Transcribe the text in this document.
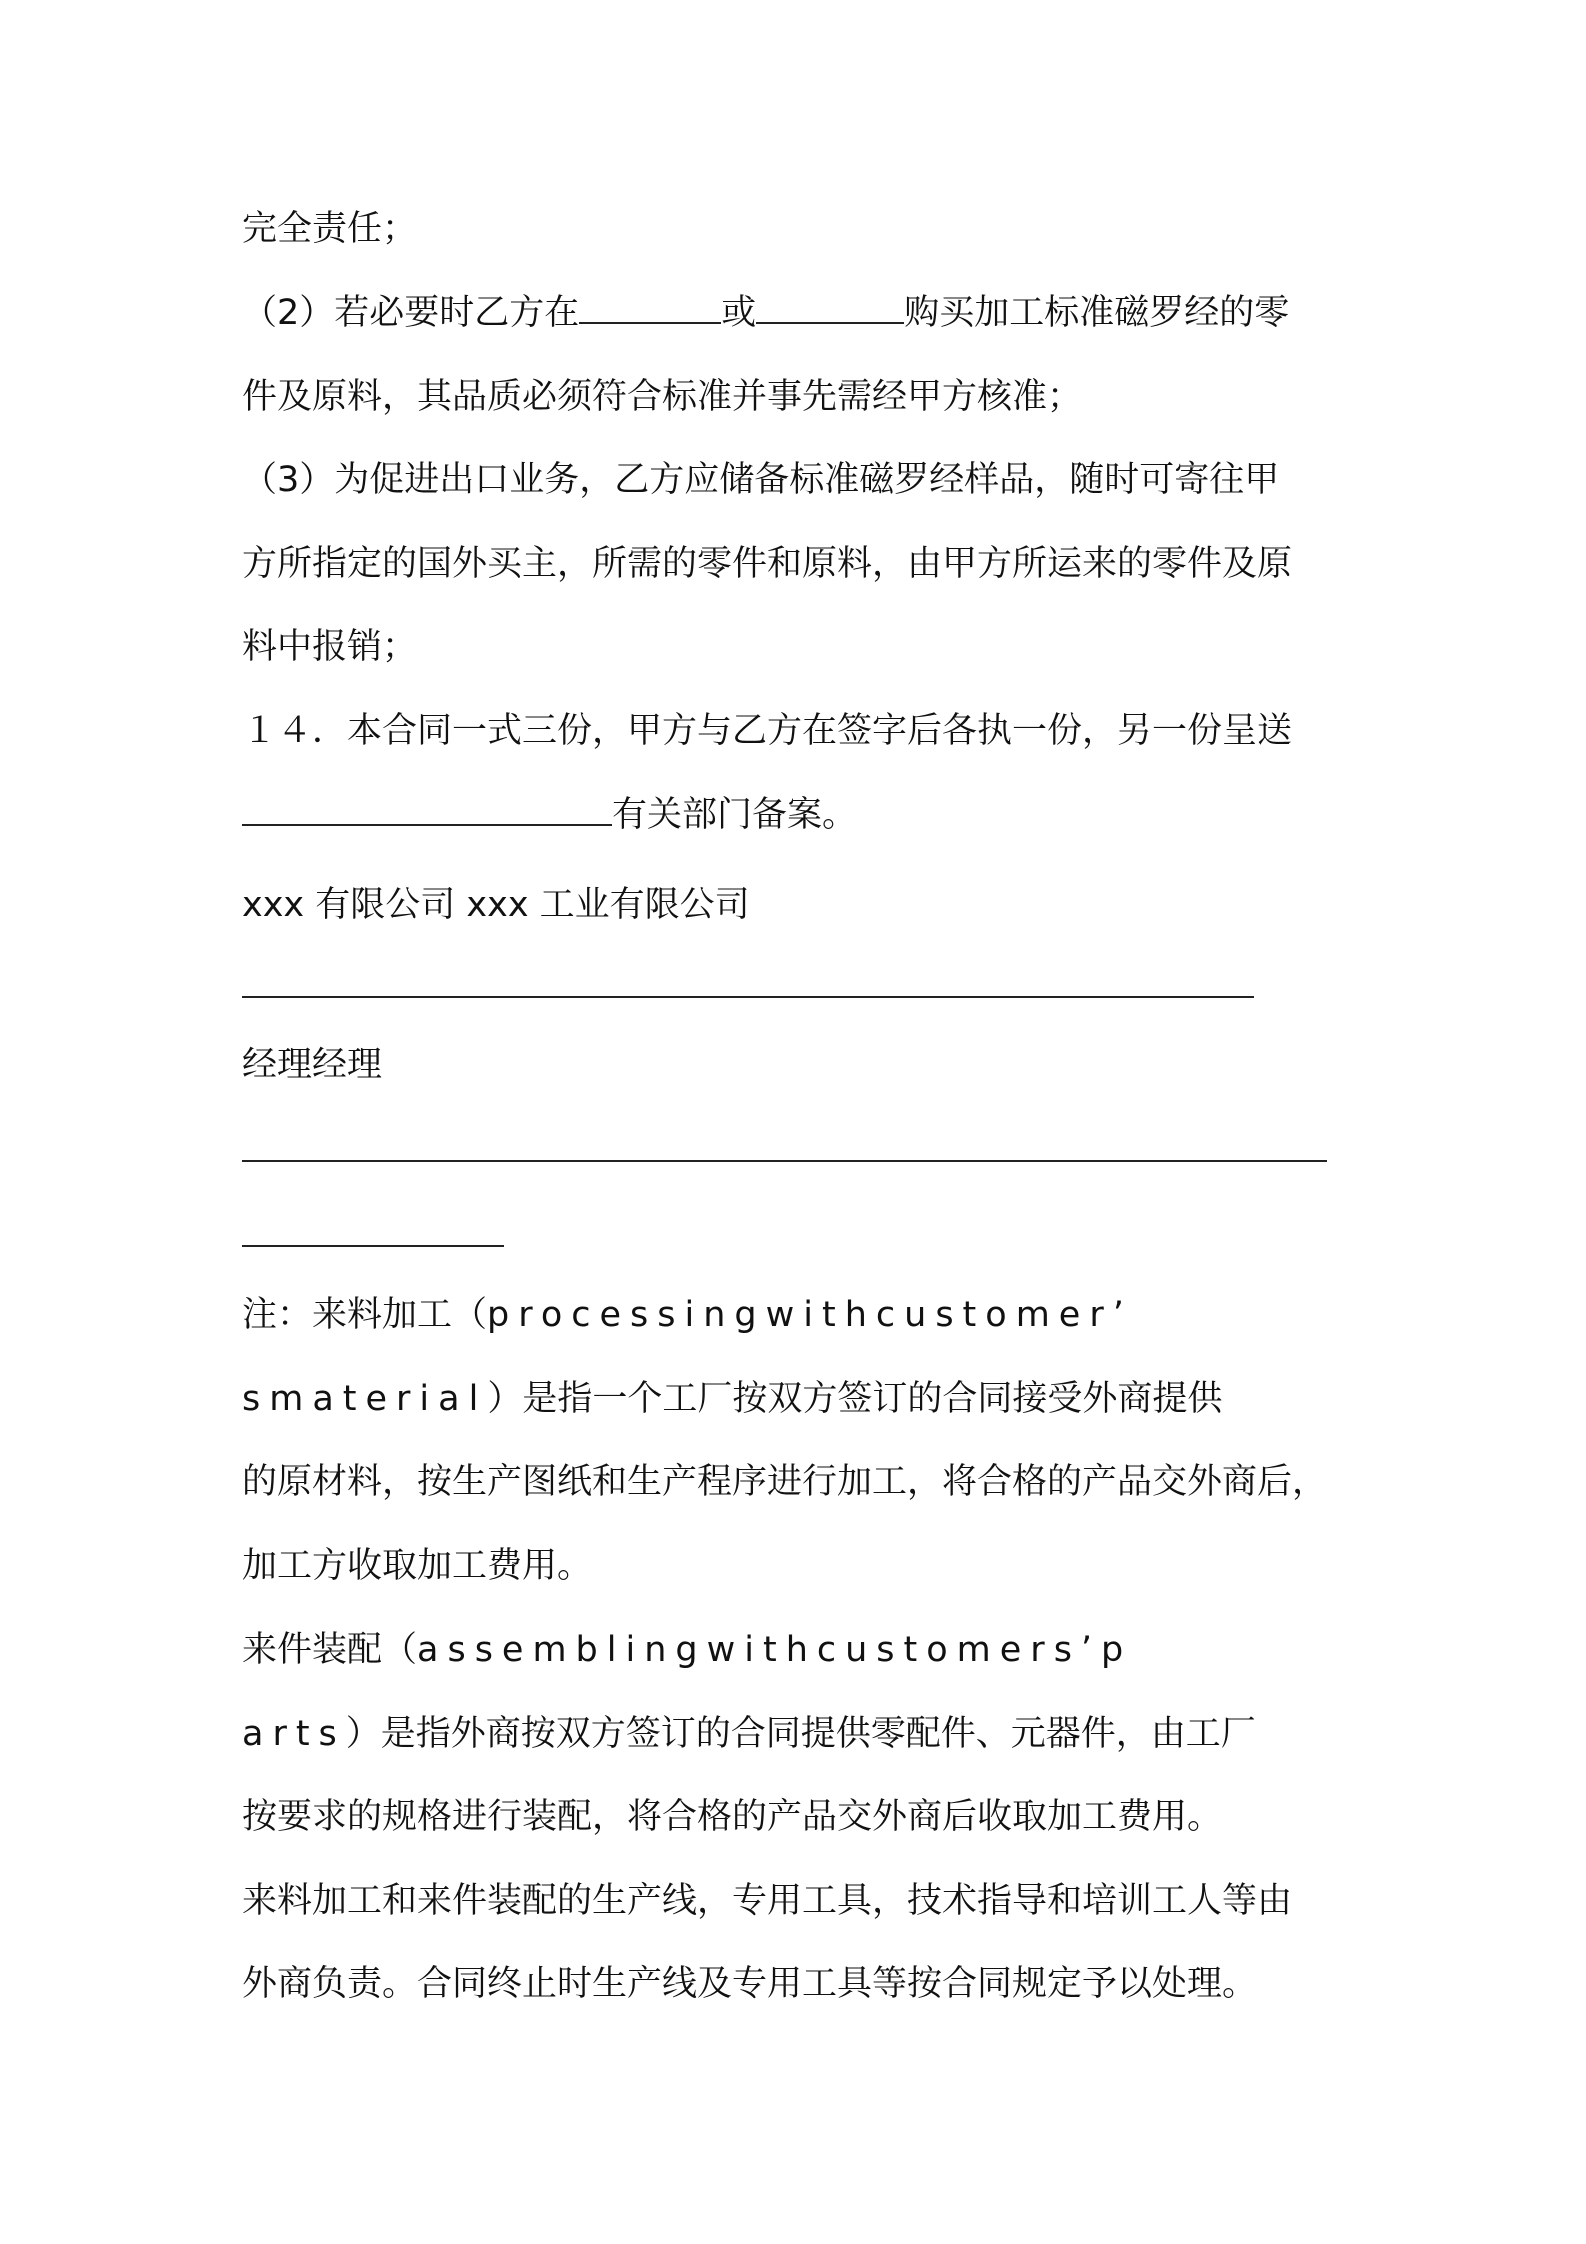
完全责任；
（2）若必要时乙方在	或	购买加工标准磁罗经的零
件及原料，其品质必须符合标准并事先需经甲方核准；
（3）为促进出口业务，乙方应储备标准磁罗经样品，随时可寄往甲
方所指定的国外买主，所需的零件和原料，由甲方所运来的零件及原
料中报销；
１４．本合同一式三份，甲方与乙方在签字后各执一份，另一份呈送
有关部门备案。
xxx 有限公司 xxx 工业有限公司
经理经理
注：来料加工（processingwithcustomer’
smaterial）是指一个工厂按双方签订的合同接受外商提供
的原材料，按生产图纸和生产程序进行加工，将合格的产品交外商后，
加工方收取加工费用。
来件装配（assemblingwithcustomers’p
arts）是指外商按双方签订的合同提供零配件、元器件，由工厂
按要求的规格进行装配，将合格的产品交外商后收取加工费用。
来料加工和来件装配的生产线，专用工具，技术指导和培训工人等由
外商负责。合同终止时生产线及专用工具等按合同规定予以处理。
